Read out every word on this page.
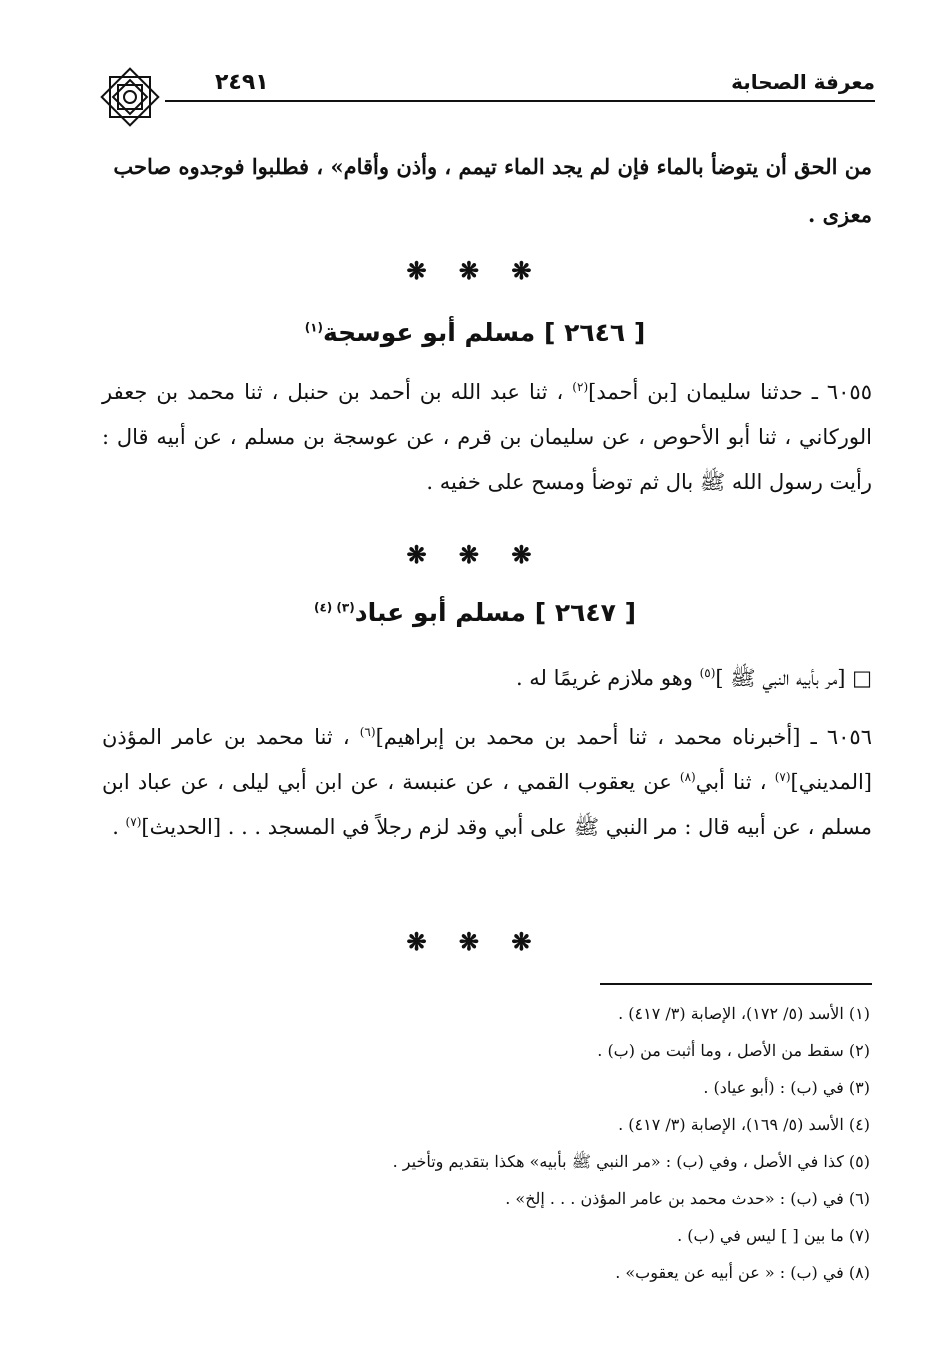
٢٤٩١	معرفة الصحابة
من الحق أن يتوضأ بالماء فإن لم يجد الماء تيمم ، وأذن وأقام» ، فطلبوا فوجدوه صاحب
معزى .
❋ ❋ ❋
[ ٢٦٤٦ ] مسلم أبو عوسجة$^{(١)}$
٦٠٥٥ ـ حدثنا سليمان [بن أحمد]$^{(٢)}$ ، ثنا عبد الله بن أحمد بن حنبل ، ثنا محمد بن جعفر الوركاني ، ثنا أبو الأحوص ، عن سليمان بن قرم ، عن عوسجة بن مسلم ، عن أبيه قال : رأيت رسول الله ﷺ بال ثم توضأ ومسح على خفيه .
❋ ❋ ❋
[ ٢٦٤٧ ] مسلم أبو عباد$^{(٣) (٤)}$
□ [مر بأبيه النبي ﷺ ]$^{(٥)}$ وهو ملازم غريمًا له .
٦٠٥٦ ـ [أخبرناه محمد ، ثنا أحمد بن محمد بن إبراهيم]$^{(٦)}$ ، ثنا محمد بن عامر المؤذن [المديني]$^{(٧)}$ ، ثنا أبي$^{(٨)}$ عن يعقوب القمي ، عن عنبسة ، عن ابن أبي ليلى ، عن عباد ابن مسلم ، عن أبيه قال : مر النبي ﷺ على أبي وقد لزم رجلاً في المسجد . . . [الحديث]$^{(٧)}$ .
❋ ❋ ❋
(١) الأسد (٥/ ١٧٢)، الإصابة (٣/ ٤١٧) .
(٢) سقط من الأصل ، وما أثبت من (ب) .
(٣) في (ب) : (أبو عياد) .
(٤) الأسد (٥/ ١٦٩)، الإصابة (٣/ ٤١٧) .
(٥) كذا في الأصل ، وفي (ب) : «مر النبي ﷺ بأبيه» هكذا بتقديم وتأخير .
(٦) في (ب) : «حدث محمد بن عامر المؤذن . . . إلخ» .
(٧) ما بين [ ] ليس في (ب) .
(٨) في (ب) : « عن أبيه عن يعقوب» .
